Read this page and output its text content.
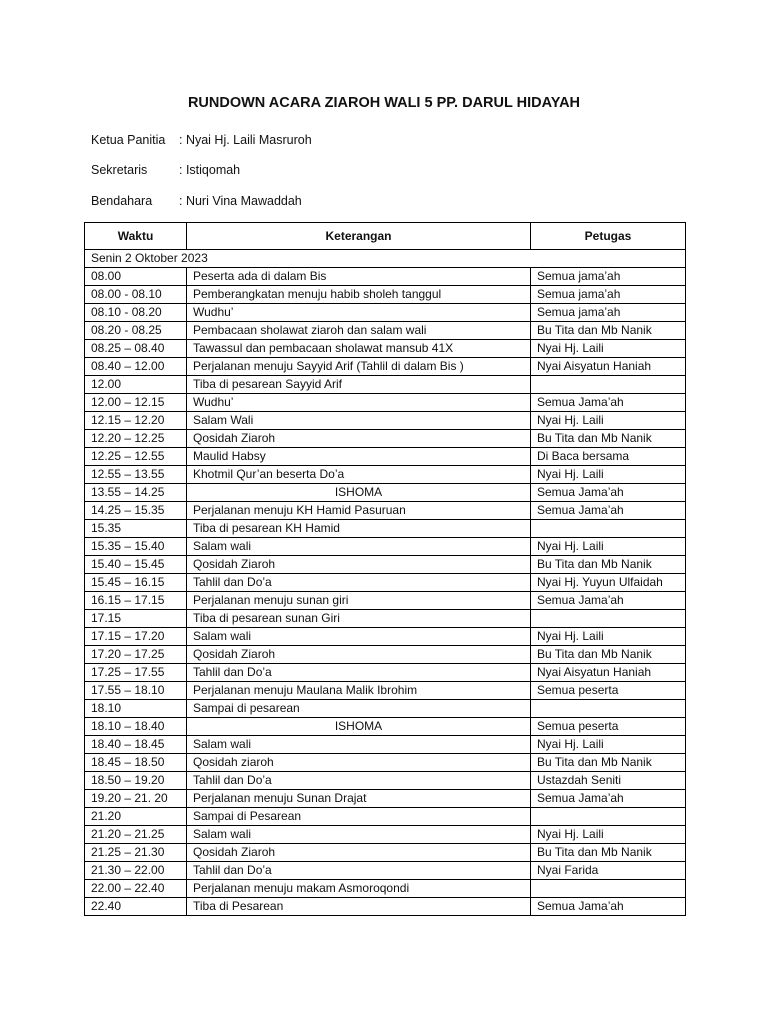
RUNDOWN ACARA ZIAROH WALI 5 PP. DARUL HIDAYAH
Ketua Panitia : Nyai Hj. Laili Masruroh
Sekretaris	: Istiqomah
Bendahara : Nuri Vina Mawaddah
Waktu	Keterangan	Petugas
Senin 2 Oktober 2023		
08.00	Peserta ada di dalam Bis	Semua jama’ah
08.00 - 08.10	Pemberangkatan menuju habib sholeh tanggul	Semua jama’ah
08.10 - 08.20	Wudhu’	Semua jama’ah
08.20 - 08.25	Pembacaan sholawat ziaroh dan salam wali	Bu Tita dan Mb Nanik
08.25 – 08.40	Tawassul dan pembacaan sholawat mansub 41X	Nyai Hj. Laili
08.40 – 12.00	Perjalanan menuju Sayyid Arif (Tahlil di dalam Bis )	Nyai Aisyatun Haniah
12.00	Tiba di pesarean Sayyid Arif	
12.00 – 12.15	Wudhu’	Semua Jama’ah
12.15 – 12.20	Salam Wali	Nyai Hj. Laili
12.20 – 12.25	Qosidah Ziaroh	Bu Tita dan Mb Nanik
12.25 – 12.55	Maulid Habsy	Di Baca bersama
12.55 – 13.55	Khotmil Qur’an beserta Do’a	Nyai Hj. Laili
13.55 – 14.25	ISHOMA	Semua Jama’ah
14.25 – 15.35	Perjalanan menuju KH Hamid Pasuruan	Semua Jama’ah
15.35	Tiba di pesarean KH Hamid	
15.35 – 15.40	Salam wali	Nyai Hj. Laili
15.40 – 15.45	Qosidah Ziaroh	Bu Tita dan Mb Nanik
15.45 – 16.15	Tahlil dan Do’a	Nyai Hj. Yuyun Ulfaidah
16.15 – 17.15	Perjalanan menuju sunan giri	Semua Jama’ah
17.15	Tiba di pesarean sunan Giri	
17.15 – 17.20	Salam wali	Nyai Hj. Laili
17.20 – 17.25	Qosidah Ziaroh	Bu Tita dan Mb Nanik
17.25 – 17.55	Tahlil dan Do’a	Nyai Aisyatun Haniah
17.55 – 18.10	Perjalanan menuju Maulana Malik Ibrohim	Semua peserta
18.10	Sampai di pesarean	
18.10 – 18.40	ISHOMA	Semua peserta
18.40 – 18.45	Salam wali	Nyai Hj. Laili
18.45 – 18.50	Qosidah ziaroh	Bu Tita dan Mb Nanik
18.50 – 19.20	Tahlil dan Do’a	Ustazdah Seniti
19.20 – 21. 20	Perjalanan menuju Sunan Drajat	Semua Jama’ah
21.20	Sampai di Pesarean	
21.20 – 21.25	Salam wali	Nyai Hj. Laili
21.25 – 21.30	Qosidah Ziaroh	Bu Tita dan Mb Nanik
21.30 – 22.00	Tahlil dan Do’a	Nyai Farida
22.00 – 22.40	Perjalanan menuju makam Asmoroqondi	
22.40	Tiba di Pesarean	Semua Jama’ah
